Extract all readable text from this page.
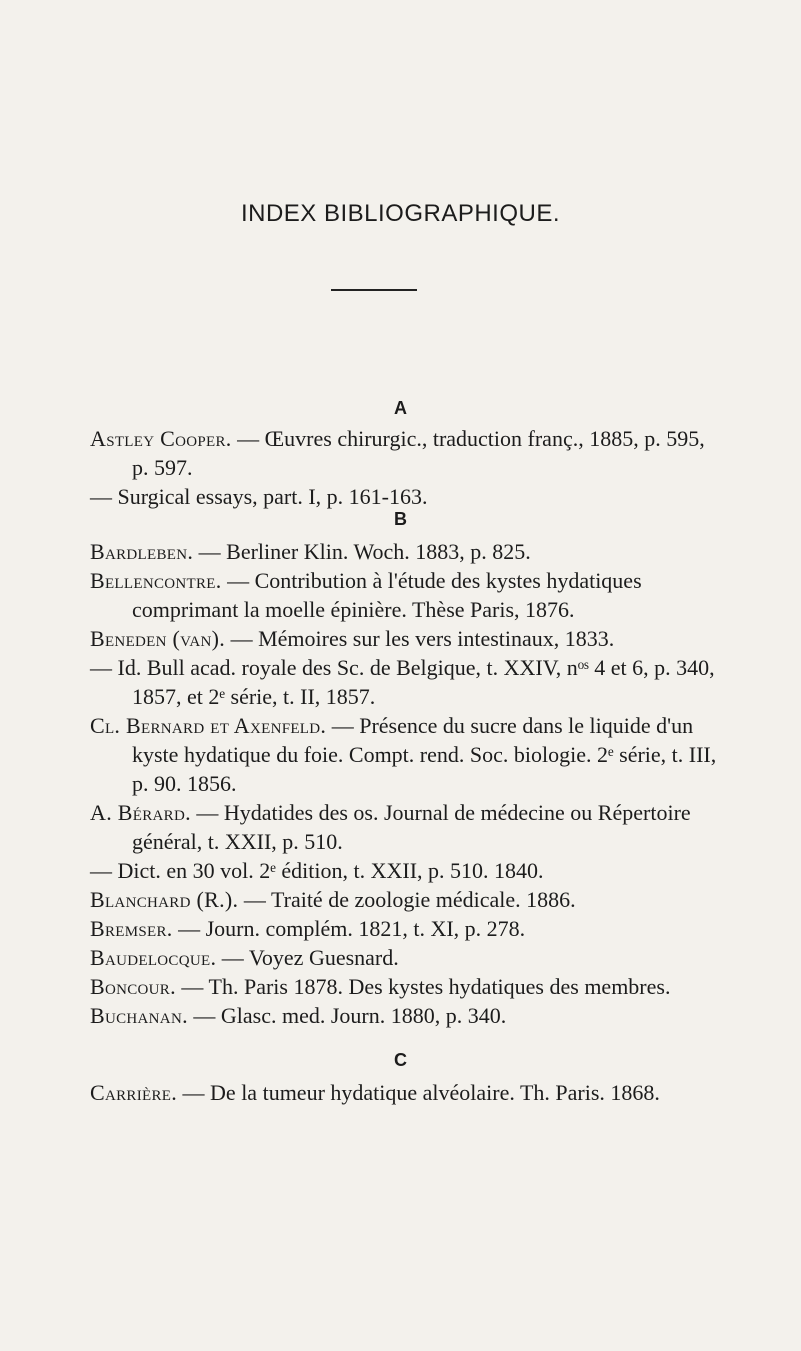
INDEX BIBLIOGRAPHIQUE.
A

Astley Cooper. — Œuvres chirurgic., traduction franç., 1885, p. 595, p. 597.

— Surgical essays, part. I, p. 161-163.

B

Bardleben. — Berliner Klin. Woch. 1883, p. 825.

Bellencontre. — Contribution à l'étude des kystes hydatiques comprimant la moelle épinière. Thèse Paris, 1876.

Beneden (van). — Mémoires sur les vers intestinaux, 1833.

— Id. Bull acad. royale des Sc. de Belgique, t. XXIV, nᵒˢ 4 et 6, p. 340, 1857, et 2ᵉ série, t. II, 1857.

Cl. Bernard et Axenfeld. — Présence du sucre dans le liquide d'un kyste hydatique du foie. Compt. rend. Soc. biologie. 2ᵉ série, t. III, p. 90. 1856.

A. Bérard. — Hydatides des os. Journal de médecine ou Répertoire général, t. XXII, p. 510.

— Dict. en 30 vol. 2ᵉ édition, t. XXII, p. 510. 1840.

Blanchard (R.). — Traité de zoologie médicale. 1886.

Bremser. — Journ. complém. 1821, t. XI, p. 278.

Baudelocque. — Voyez Guesnard.

Boncour. — Th. Paris 1878. Des kystes hydatiques des membres.

Buchanan. — Glasc. med. Journ. 1880, p. 340.

C

Carrière. — De la tumeur hydatique alvéolaire. Th. Paris. 1868.
